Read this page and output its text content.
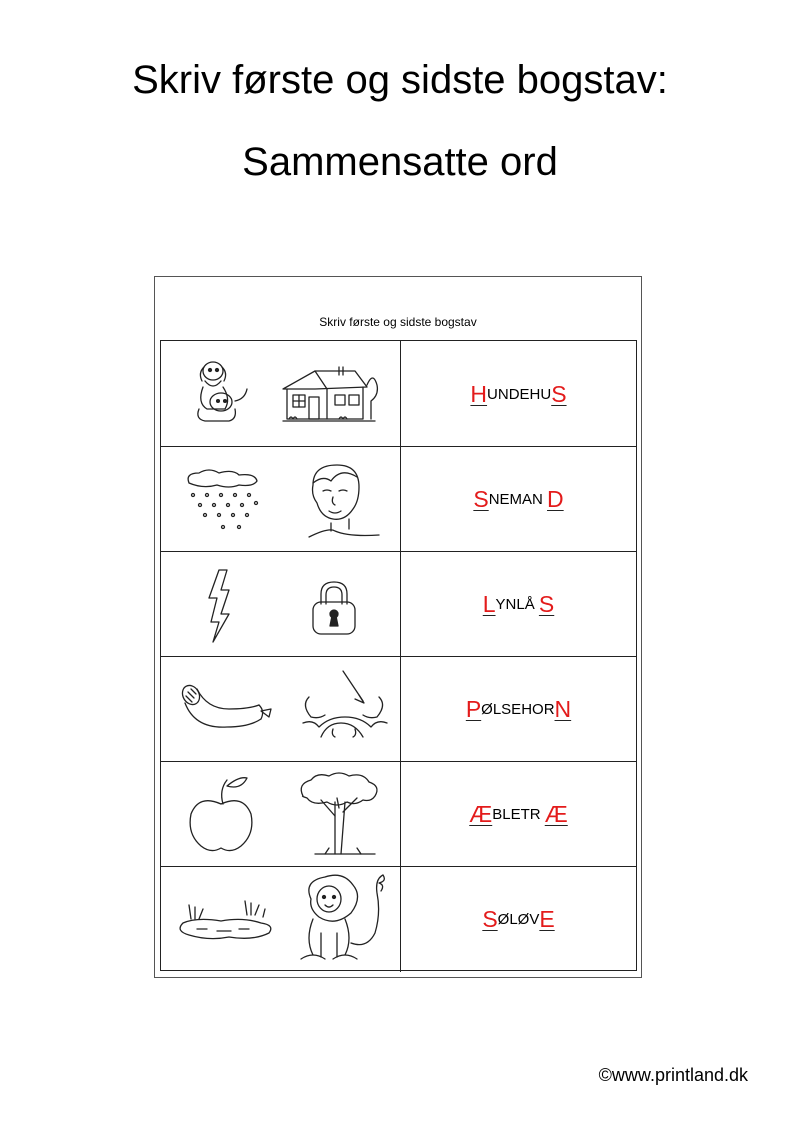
Skriv første og sidste bogstav:
Sammensatte ord
Skriv første og sidste bogstav
H UNDEHU S
S NEMAN D
L YNLÅ S
P ØLSEHOR N
Æ BLETR Æ
S ØLØV E
©www.printland.dk
